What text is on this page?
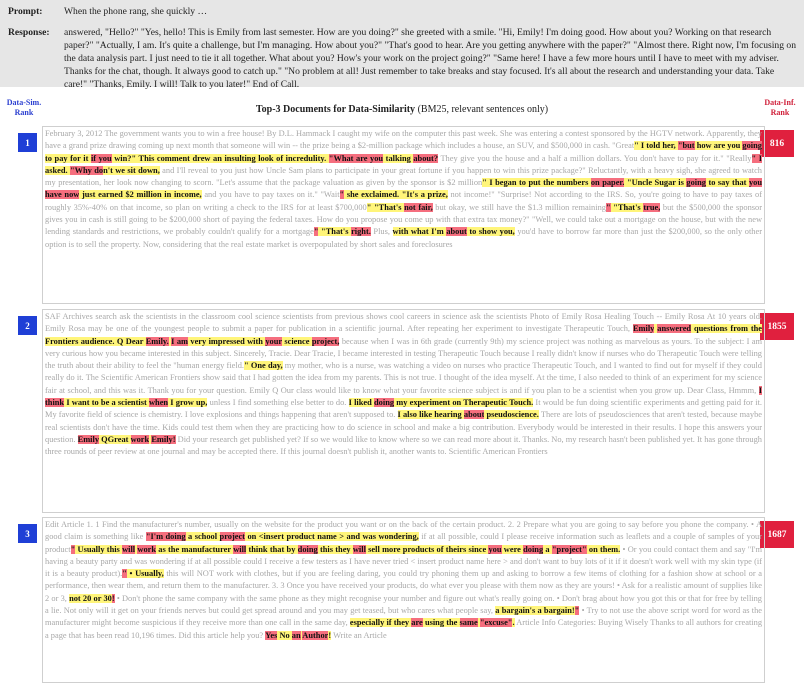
Prompt:	When the phone rang, she quickly …
Response:	answered, "Hello?" "Yes, hello! This is Emily from last semester. How are you doing?" she greeted with a smile. "Hi, Emily! I'm doing good. How about you? Working on that research paper?" "Actually, I am. It's quite a challenge, but I'm managing. How about you?" "That's good to hear. Are you getting anywhere with the paper?" "Almost there. Right now, I'm focusing on the data analysis part. I just need to tie it all together. What about you? How's your work on the project going?" "Same here! I have a few more hours until I have to meet with my adviser. Thanks for the chat, though. It always good to catch up." "No problem at all! Just remember to take breaks and stay focused. It's all about the research and understanding your data. Take care!" "Thanks, Emily. I will! Talk to you later!" End of Call.
Data-Sim. Rank
Data-Inf. Rank
Top-3 Documents for Data-Similarity (BM25, relevant sentences only)
1	816
February 3, 2012 The government wants you to win a free house! By D.L. Hammack I caught my wife on the computer this past week. She was entering a contest sponsored by the HGTV network. Apparently, they have a grand prize drawing coming up next month that someone will win -- the prize being a $2-million package which includes a house, an SUV, and $500,000 in cash. "Great" I told her, "but how are you going to pay for it if you win?" This comment drew an insulting look of incredulity. "What are you talking about? They give you the house and a half a million dollars. You don't have to pay for it." "Really" I asked. "Why don't we sit down, and I'll reveal to you just how Uncle Sam plans to participate in your great fortune if you happen to win this prize package?" Reluctantly, with a heavy sigh, she agreed to watch my presentation, her look now changing to scorn. "Let's assume that the package valuation as given by the sponsor is $2 million" I began to put the numbers on paper. "Uncle Sugar is going to say that you have now just earned $2 million in income, and you have to pay taxes on it." "Wait" she exclaimed. "It's a prize, not income!" "Surprise! Not according to the IRS. So, you're going to have to pay taxes of roughly 35%-40% on that income, so plan on writing a check to the IRS for at least $700,000" "That's not fair, but okay, we still have the $1.3 million remaining" "That's true, but the $500,000 the sponsor gives you in cash is still going to be $200,000 short of paying the federal taxes. How do you propose you come up with that extra tax money?" "Well, we could take out a mortgage on the house, but with the new lending standards and restrictions, we probably couldn't qualify for a mortgage" "That's right. Plus, with what I'm about to show you, you'd have to borrow far more than just the $200,000, so the only other option is to sell the property. Now, considering that the real estate market is overpopulated by short sales and foreclosures
2	1855
SAF Archives search ask the scientists in the classroom cool science scientists from previous shows cool careers in science ask the scientists Photo of Emily Rosa Healing Touch -- Emily Rosa At 10 years old, Emily Rosa may be one of the youngest people to submit a paper for publication in a scientific journal. After repeating her experiment to investigate Therapeutic Touch, Emily answered questions from the Frontiers audience. Q Dear Emily. I am very impressed with your science project, because when I was in 6th grade (currently 9th) my science project was nothing as marvelous as yours. To the subject: I am very curious how you became interested in this subject. Sincerely, Tracie. Dear Tracie, I became interested in testing Therapeutic Touch because I really didn't know if nurses who do Therapeutic Touch were telling the truth about their ability to feel the "human energy field." One day, my mother, who is a nurse, was watching a video on nurses who practice Therapeutic Touch, and I wanted to find out for myself if they could really do it. The Scientific American Frontiers show said that I had gotten the idea from my parents. This is not true. I thought of the idea myself. At the time, I also needed to think of an experiment for my science fair at school, and this was it. Thank you for your question. Emily Q Our class would like to know what your favorite science subject is and if you plan to be a scientist when you grow up. Dear Class, Hmmm, I think I want to be a scientist when I grow up, unless I find something else better to do. I liked doing my experiment on Therapeutic Touch. It would be fun doing scientific experiments and getting paid for it. My favorite field of science is chemistry. I love explosions and things happening that aren't supposed to. I also like hearing about pseudoscience. There are lots of pseudosciences that aren't tested, because maybe real scientists don't have the time. Kids could test them when they are practicing how to do science in school and make a big contribution. Everybody would be interested in their results. I hope this answers your question. Emily QGreat work Emily! Did your research get published yet? If so we would like to know where so we can read more about it. Thanks. No, my research hasn't been published yet. It has gone through three rounds of peer review at one journal and may be accepted there. If this journal doesn't publish it, another wants to. Scientific American Frontiers
3	1687
Edit Article 1. 1 Find the manufacturer's number, usually on the website for the product you want or on the back of the certain product. 2. 2 Prepare what you are going to say before you phone the company. • A good claim is something like "I'm doing a school project on <insert product name > and was wondering, if at all possible, could I please receive information such as leaflets and a couple of samples of your product" Usually this will work as the manufacturer will think that by doing this they will sell more products of theirs since you were doing a "project" on them. • Or you could contact them and say "I'm having a beauty party and was wondering if at all possible could I receive a few testers as I have never tried < insert product name here > and don't want to buy lots of it if it doesn't work well with my skin type (if it is a beauty product)." • Usually, this will NOT work with clothes, but if you are feeling daring, you could try phoning them up and asking to borrow a few items of clothing for a fashion show at school or a performance, then wear them, and return them to the manufacturer. 3. 3 Once you have received your products, do what ever you please with them now as they are yours! • Ask for a realistic amount of supplies like 2 or 3, not 20 or 30! • Don't phone the same company with the same phone as they might recognise your number and figure out what's really going on. • Don't brag about how you got this or that for free by telling a lie. Not only will it get on your friends nerves but could get spread around and you may get teased, but who cares what people say, a bargain's a bargain!" • Try to not use the above script word for word as the manufacturer might become suspicious if they receive more than one call in the same day, especially if they are using the same "excuse". Article Info Categories: Buying Wisely Thanks to all authors for creating a page that has been read 10,196 times. Did this article help you? Yes No an Author! Write an Article
